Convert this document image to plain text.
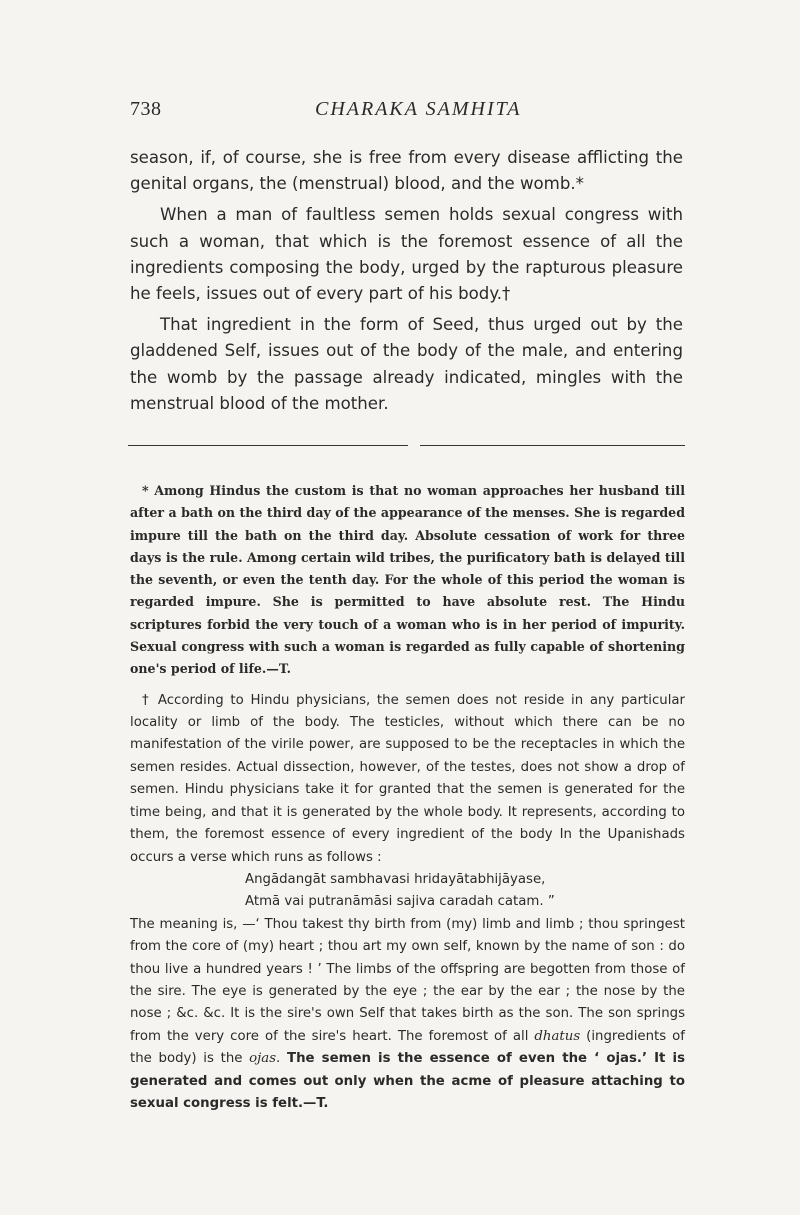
738	CHARAKA SAMHITA

season, if, of course, she is free from every disease afflicting the genital organs, the (menstrual) blood, and the womb.*

When a man of faultless semen holds sexual congress with such a woman, that which is the foremost essence of all the ingredients composing the body, urged by the rapturous pleasure he feels, issues out of every part of his body.†

That ingredient in the form of Seed, thus urged out by the gladdened Self, issues out of the body of the male, and entering the womb by the passage already indicated, mingles with the menstrual blood of the mother.

* Among Hindus the custom is that no woman approaches her husband till after a bath on the third day of the appearance of the menses. She is regarded impure till the bath on the third day. Absolute cessation of work for three days is the rule. Among certain wild tribes, the purificatory bath is delayed till the seventh, or even the tenth day. For the whole of this period the woman is regarded impure. She is permitted to have absolute rest. The Hindu scriptures forbid the very touch of a woman who is in her period of impurity. Sexual congress with such a woman is regarded as fully capable of shortening one's period of life.—T.

† According to Hindu physicians, the semen does not reside in any particular locality or limb of the body. The testicles, without which there can be no manifestation of the virile power, are supposed to be the receptacles in which the semen resides. Actual dissection, however, of the testes, does not show a drop of semen. Hindu physicians take it for granted that the semen is generated for the time being, and that it is generated by the whole body. It represents, according to them, the foremost essence of every ingredient of the body In the Upanishads occurs a verse which runs as follows :

Angādangāt sambhavasi hridayātabhijāyase,
Atmā vai putranāmāsi sajiva caradah catam. ”

The meaning is, —‘ Thou takest thy birth from (my) limb and limb ; thou springest from the core of (my) heart ; thou art my own self, known by the name of son : do thou live a hundred years ! ’ The limbs of the offspring are begotten from those of the sire. The eye is generated by the eye ; the ear by the ear ; the nose by the nose ; &c. &c. It is the sire's own Self that takes birth as the son. The son springs from the very core of the sire's heart. The foremost of all dhatus (ingredients of the body) is the ojas. The semen is the essence of even the ‘ ojas.’ It is generated and comes out only when the acme of pleasure attaching to sexual congress is felt.—T.
